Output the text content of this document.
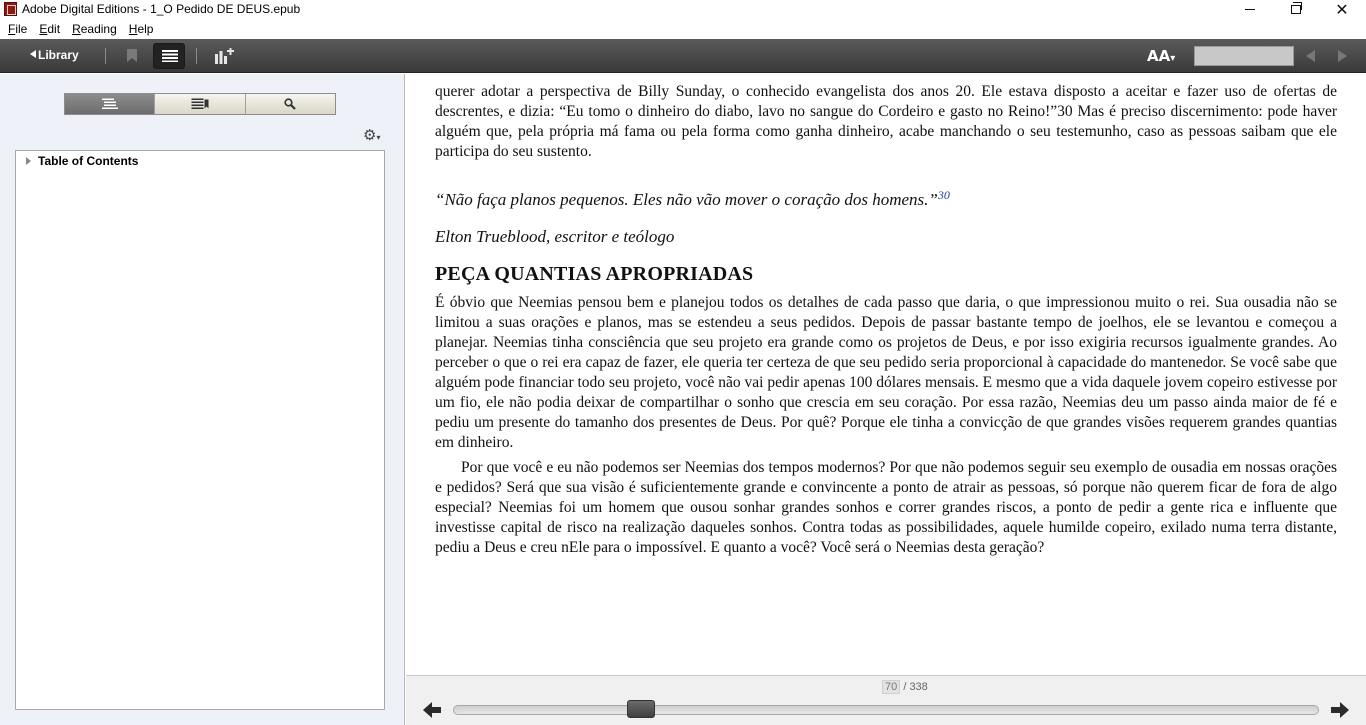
Adobe Digital Editions - 1_O Pedido DE DEUS.epub	✕
File Edit Reading Help
Library	AA▾
⚙▾
Table of Contents

querer adotar a perspectiva de Billy Sunday, o conhecido evangelista dos anos 20. Ele estava disposto a aceitar e fazer uso de ofertas de descrentes, e dizia: “Eu tomo o dinheiro do diabo, lavo no sangue do Cordeiro e gasto no Reino!”30 Mas é preciso discernimento: pode haver alguém que, pela própria má fama ou pela forma como ganha dinheiro, acabe manchando o seu testemunho, caso as pessoas saibam que ele participa do seu sustento.

“Não faça planos pequenos. Eles não vão mover o coração dos homens.”$^{30}$

Elton Trueblood, escritor e teólogo

PEÇA QUANTIAS APROPRIADAS

É óbvio que Neemias pensou bem e planejou todos os detalhes de cada passo que daria, o que impressionou muito o rei. Sua ousadia não se limitou a suas orações e planos, mas se estendeu a seus pedidos. Depois de passar bastante tempo de joelhos, ele se levantou e começou a planejar. Neemias tinha consciência que seu projeto era grande como os projetos de Deus, e por isso exigiria recursos igualmente grandes. Ao perceber o que o rei era capaz de fazer, ele queria ter certeza de que seu pedido seria proporcional à capacidade do mantenedor. Se você sabe que alguém pode financiar todo seu projeto, você não vai pedir apenas 100 dólares mensais. E mesmo que a vida daquele jovem copeiro estivesse por um fio, ele não podia deixar de compartilhar o sonho que crescia em seu coração. Por essa razão, Neemias deu um passo ainda maior de fé e pediu um presente do tamanho dos presentes de Deus. Por quê? Porque ele tinha a convicção de que grandes visões requerem grandes quantias em dinheiro.

Por que você e eu não podemos ser Neemias dos tempos modernos? Por que não podemos seguir seu exemplo de ousadia em nossas orações e pedidos? Será que sua visão é suficientemente grande e convincente a ponto de atrair as pessoas, só porque não querem ficar de fora de algo especial? Neemias foi um homem que ousou sonhar grandes sonhos e correr grandes riscos, a ponto de pedir a gente rica e influente que investisse capital de risco na realização daqueles sonhos. Contra todas as possibilidades, aquele humilde copeiro, exilado numa terra distante, pediu a Deus e creu nEle para o impossível. E quanto a você? Você será o Neemias desta geração?

70 / 338
